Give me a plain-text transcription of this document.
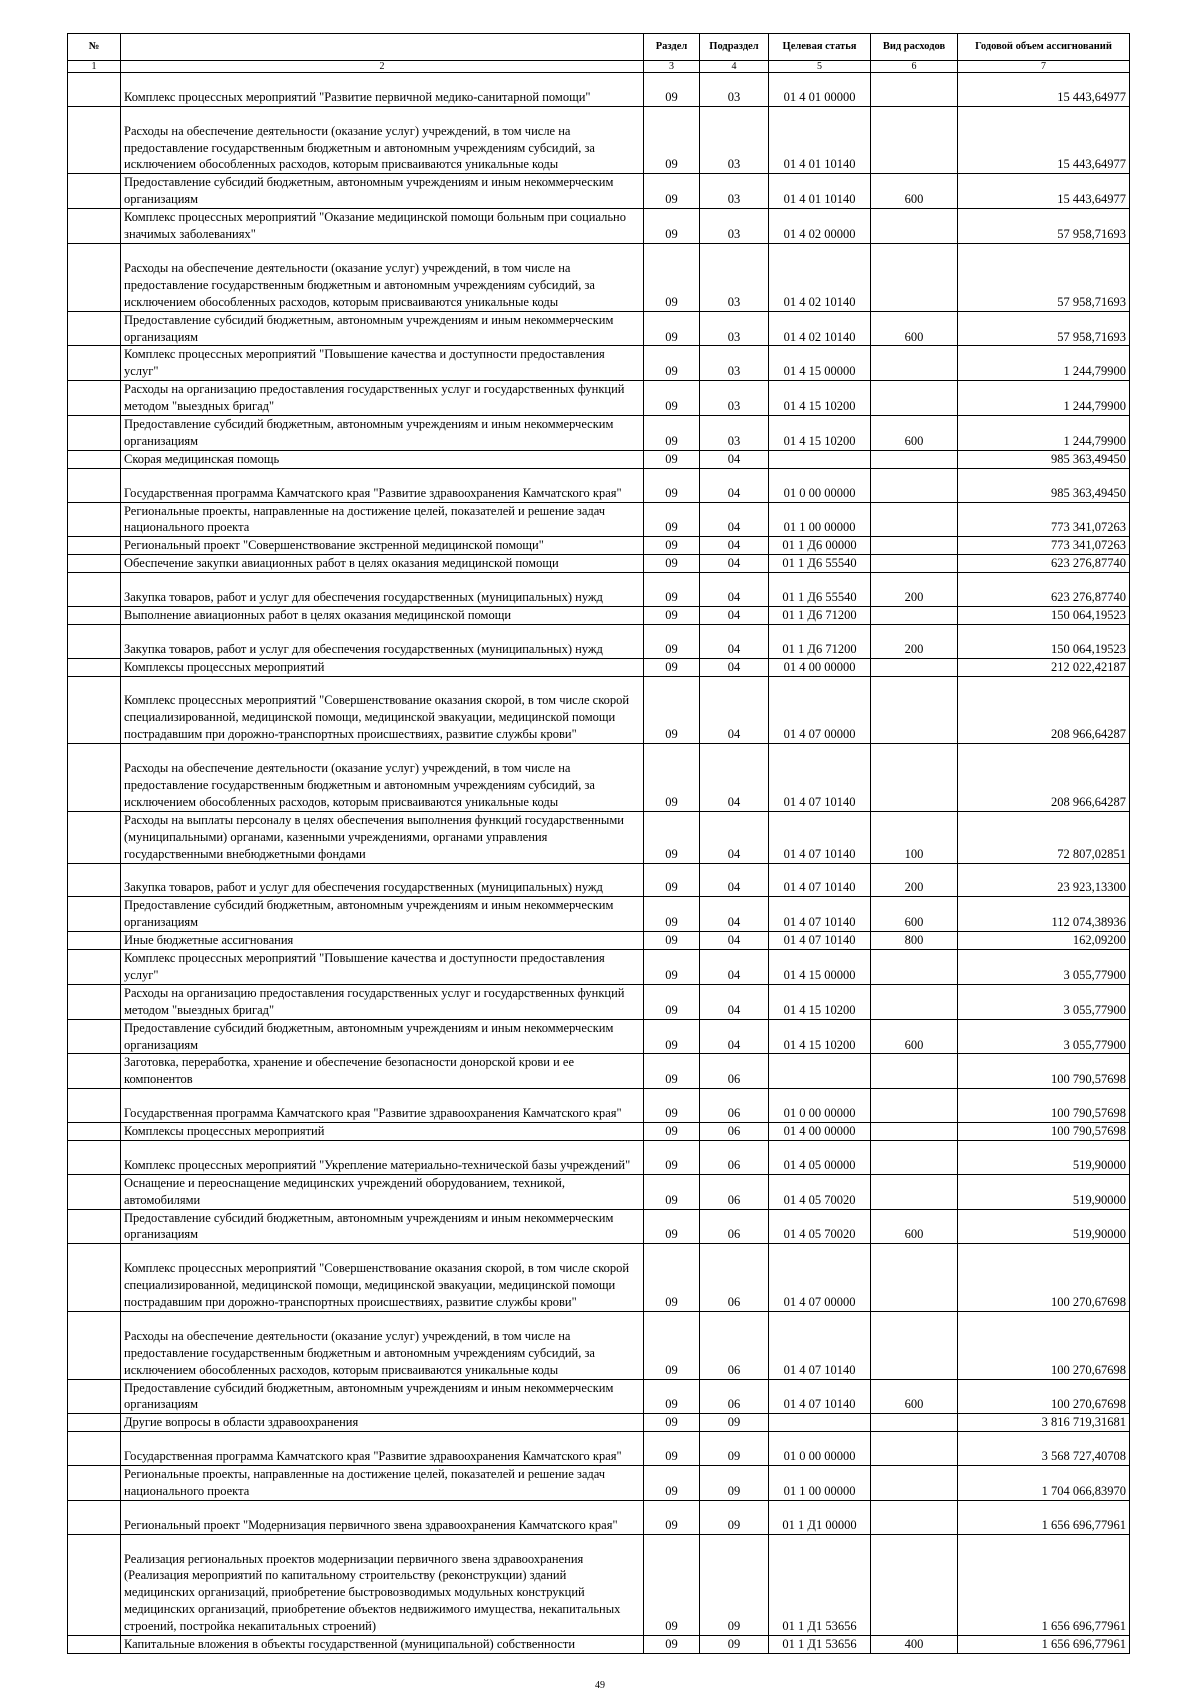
№		Раздел	Подраздел	Целевая статья	Вид расходов	Годовой объем ассигнований
1	2	3	4	5	6	7
	Комплекс процессных мероприятий "Развитие первичной медико-санитарной помощи"	09	03	01 4 01 00000		15 443,64977
	Расходы на обеспечение деятельности (оказание услуг) учреждений, в том числе на предоставление государственным бюджетным и автономным учреждениям субсидий, за исключением обособленных расходов, которым присваиваются уникальные коды	09	03	01 4 01 10140		15 443,64977
	Предоставление субсидий бюджетным, автономным учреждениям и иным некоммерческим организациям	09	03	01 4 01 10140	600	15 443,64977
	Комплекс процессных мероприятий "Оказание медицинской помощи больным при социально значимых заболеваниях"	09	03	01 4 02 00000		57 958,71693
	Расходы на обеспечение деятельности (оказание услуг) учреждений, в том числе на предоставление государственным бюджетным и автономным учреждениям субсидий, за исключением обособленных расходов, которым присваиваются уникальные коды	09	03	01 4 02 10140		57 958,71693
	Предоставление субсидий бюджетным, автономным учреждениям и иным некоммерческим организациям	09	03	01 4 02 10140	600	57 958,71693
	Комплекс процессных мероприятий "Повышение качества и доступности предоставления услуг"	09	03	01 4 15 00000		1 244,79900
	Расходы на организацию предоставления государственных услуг и государственных функций методом "выездных бригад"	09	03	01 4 15 10200		1 244,79900
	Предоставление субсидий бюджетным, автономным учреждениям и иным некоммерческим организациям	09	03	01 4 15 10200	600	1 244,79900
	Скорая медицинская помощь	09	04			985 363,49450
	Государственная программа Камчатского края "Развитие здравоохранения Камчатского края"	09	04	01 0 00 00000		985 363,49450
	Региональные проекты, направленные на достижение целей, показателей и решение задач национального проекта	09	04	01 1 00 00000		773 341,07263
	Региональный проект "Совершенствование экстренной медицинской помощи"	09	04	01 1 Д6 00000		773 341,07263
	Обеспечение закупки авиационных работ в целях оказания медицинской помощи	09	04	01 1 Д6 55540		623 276,87740
	Закупка товаров, работ и услуг для обеспечения государственных (муниципальных) нужд	09	04	01 1 Д6 55540	200	623 276,87740
	Выполнение авиационных работ в целях оказания медицинской помощи	09	04	01 1 Д6 71200		150 064,19523
	Закупка товаров, работ и услуг для обеспечения государственных (муниципальных) нужд	09	04	01 1 Д6 71200	200	150 064,19523
	Комплексы процессных мероприятий	09	04	01 4 00 00000		212 022,42187
	Комплекс процессных мероприятий "Совершенствование оказания скорой, в том числе скорой специализированной, медицинской помощи, медицинской эвакуации, медицинской помощи пострадавшим при дорожно-транспортных происшествиях, развитие службы крови"	09	04	01 4 07 00000		208 966,64287
	Расходы на обеспечение деятельности (оказание услуг) учреждений, в том числе на предоставление государственным бюджетным и автономным учреждениям субсидий, за исключением обособленных расходов, которым присваиваются уникальные коды	09	04	01 4 07 10140		208 966,64287
	Расходы на выплаты персоналу в целях обеспечения выполнения функций государственными (муниципальными) органами, казенными учреждениями, органами управления государственными внебюджетными фондами	09	04	01 4 07 10140	100	72 807,02851
	Закупка товаров, работ и услуг для обеспечения государственных (муниципальных) нужд	09	04	01 4 07 10140	200	23 923,13300
	Предоставление субсидий бюджетным, автономным учреждениям и иным некоммерческим организациям	09	04	01 4 07 10140	600	112 074,38936
	Иные бюджетные ассигнования	09	04	01 4 07 10140	800	162,09200
	Комплекс процессных мероприятий "Повышение качества и доступности предоставления услуг"	09	04	01 4 15 00000		3 055,77900
	Расходы на организацию предоставления государственных услуг и государственных функций методом "выездных бригад"	09	04	01 4 15 10200		3 055,77900
	Предоставление субсидий бюджетным, автономным учреждениям и иным некоммерческим организациям	09	04	01 4 15 10200	600	3 055,77900
	Заготовка, переработка, хранение и обеспечение безопасности донорской крови и ее компонентов	09	06			100 790,57698
	Государственная программа Камчатского края "Развитие здравоохранения Камчатского края"	09	06	01 0 00 00000		100 790,57698
	Комплексы процессных мероприятий	09	06	01 4 00 00000		100 790,57698
	Комплекс процессных мероприятий "Укрепление материально-технической базы учреждений"	09	06	01 4 05 00000		519,90000
	Оснащение и переоснащение медицинских учреждений оборудованием, техникой, автомобилями	09	06	01 4 05 70020		519,90000
	Предоставление субсидий бюджетным, автономным учреждениям и иным некоммерческим организациям	09	06	01 4 05 70020	600	519,90000
	Комплекс процессных мероприятий "Совершенствование оказания скорой, в том числе скорой специализированной, медицинской помощи, медицинской эвакуации, медицинской помощи пострадавшим при дорожно-транспортных происшествиях, развитие службы крови"	09	06	01 4 07 00000		100 270,67698
	Расходы на обеспечение деятельности (оказание услуг) учреждений, в том числе на предоставление государственным бюджетным и автономным учреждениям субсидий, за исключением обособленных расходов, которым присваиваются уникальные коды	09	06	01 4 07 10140		100 270,67698
	Предоставление субсидий бюджетным, автономным учреждениям и иным некоммерческим организациям	09	06	01 4 07 10140	600	100 270,67698
	Другие вопросы в области здравоохранения	09	09			3 816 719,31681
	Государственная программа Камчатского края "Развитие здравоохранения Камчатского края"	09	09	01 0 00 00000		3 568 727,40708
	Региональные проекты, направленные на достижение целей, показателей и решение задач национального проекта	09	09	01 1 00 00000		1 704 066,83970
	Региональный проект "Модернизация первичного звена здравоохранения Камчатского края"	09	09	01 1 Д1 00000		1 656 696,77961
	Реализация региональных проектов модернизации первичного звена здравоохранения (Реализация мероприятий по капитальному строительству (реконструкции) зданий медицинских организаций, приобретение быстровозводимых модульных конструкций медицинских организаций, приобретение объектов недвижимого имущества, некапитальных строений, постройка некапитальных строений)	09	09	01 1 Д1 53656		1 656 696,77961
	Капитальные вложения в объекты государственной (муниципальной) собственности	09	09	01 1 Д1 53656	400	1 656 696,77961
49
